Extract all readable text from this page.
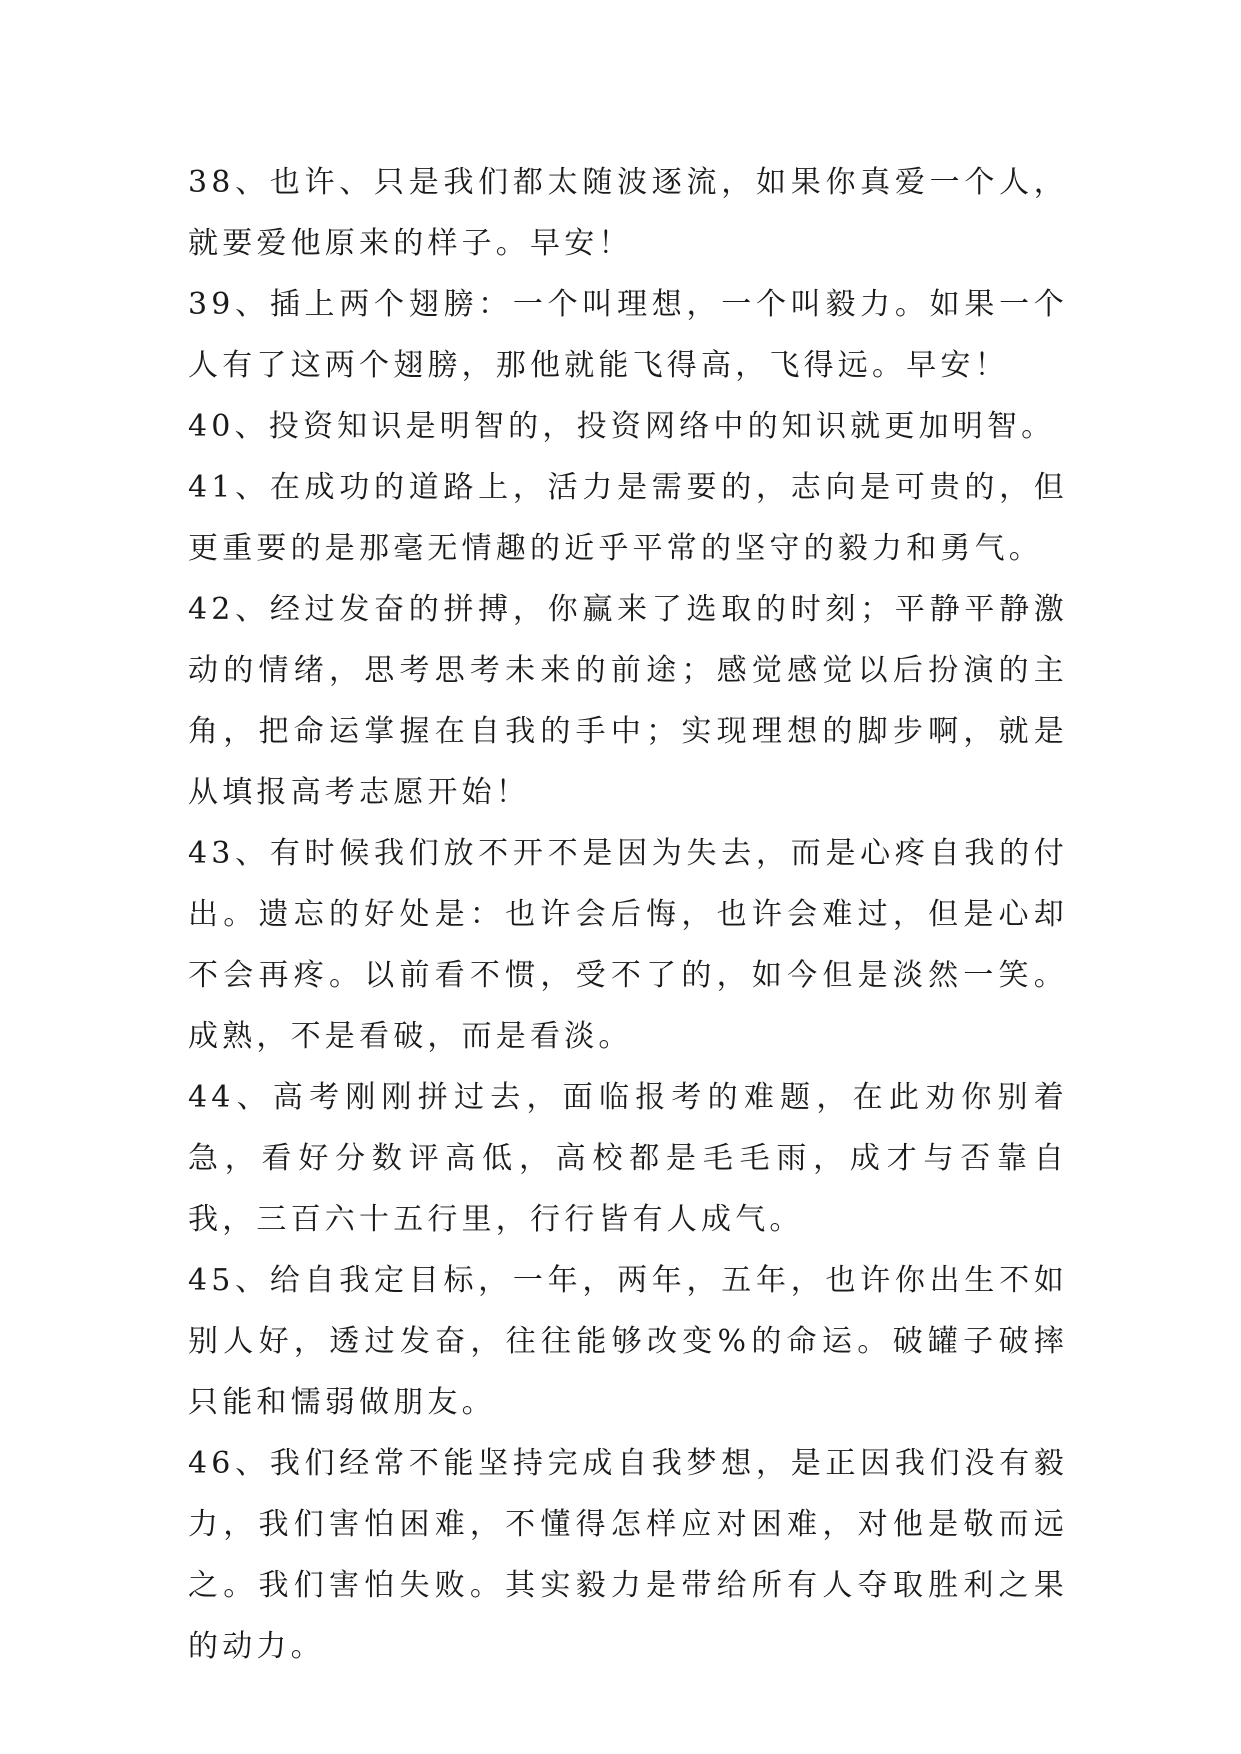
38、也许、只是我们都太随波逐流，如果你真爱一个人，就要爱他原来的样子。早安！

39、插上两个翅膀：一个叫理想，一个叫毅力。如果一个人有了这两个翅膀，那他就能飞得高，飞得远。早安！

40、投资知识是明智的，投资网络中的知识就更加明智。

41、在成功的道路上，活力是需要的，志向是可贵的，但更重要的是那毫无情趣的近乎平常的坚守的毅力和勇气。

42、经过发奋的拼搏，你赢来了选取的时刻；平静平静激动的情绪，思考思考未来的前途；感觉感觉以后扮演的主角，把命运掌握在自我的手中；实现理想的脚步啊，就是从填报高考志愿开始！

43、有时候我们放不开不是因为失去，而是心疼自我的付出。遗忘的好处是：也许会后悔，也许会难过，但是心却不会再疼。以前看不惯，受不了的，如今但是淡然一笑。成熟，不是看破，而是看淡。

44、高考刚刚拼过去，面临报考的难题，在此劝你别着急，看好分数评高低，高校都是毛毛雨，成才与否靠自我，三百六十五行里，行行皆有人成气。

45、给自我定目标，一年，两年，五年，也许你出生不如别人好，透过发奋，往往能够改变%的命运。破罐子破摔只能和懦弱做朋友。

46、我们经常不能坚持完成自我梦想，是正因我们没有毅力，我们害怕困难，不懂得怎样应对困难，对他是敬而远之。我们害怕失败。其实毅力是带给所有人夺取胜利之果的动力。
